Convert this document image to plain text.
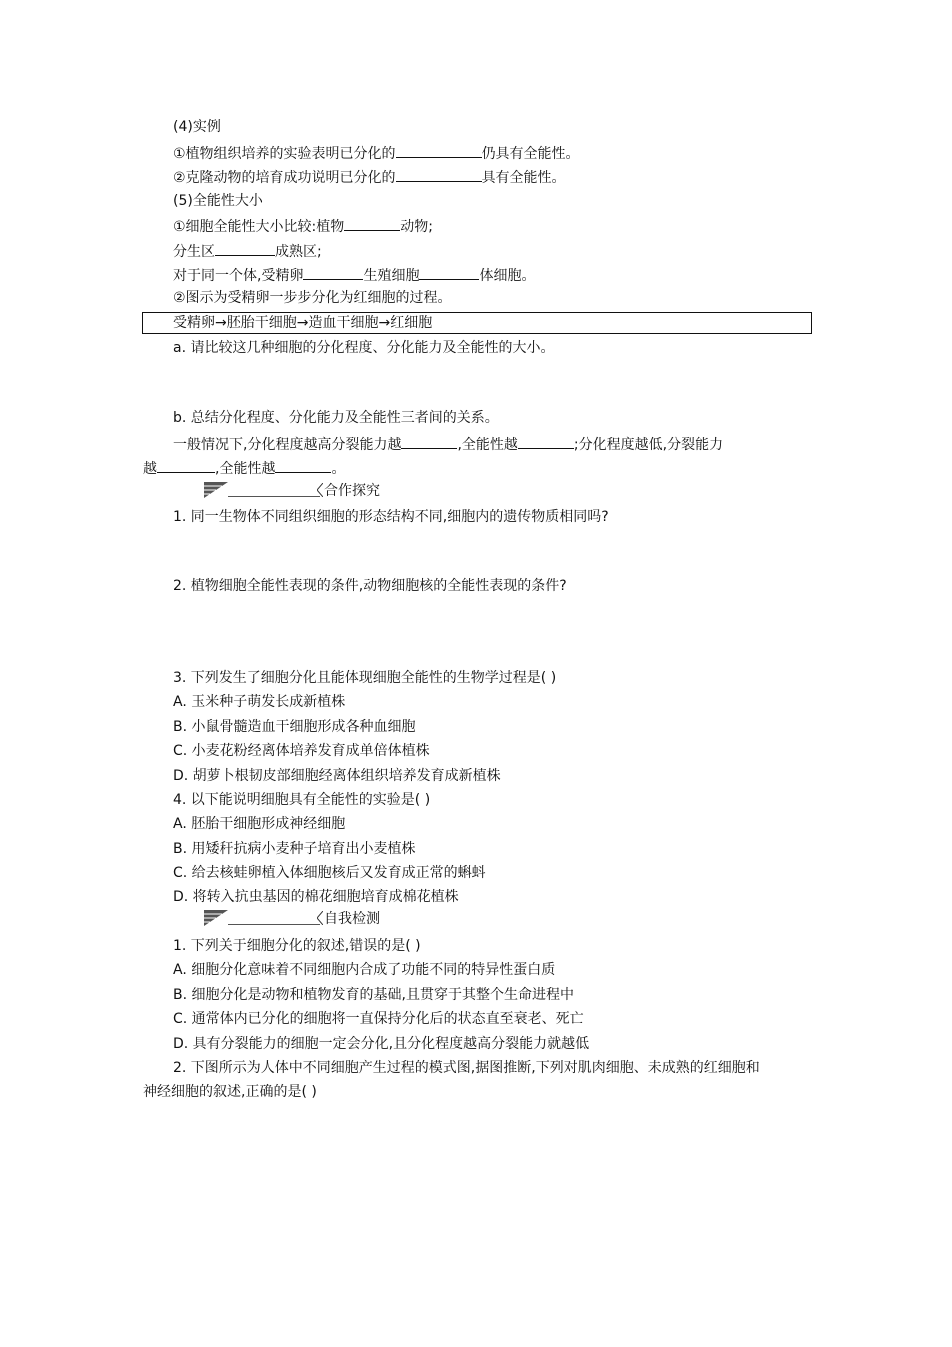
(4)实例
①植物组织培养的实验表明已分化的	仍具有全能性。
②克隆动物的培育成功说明已分化的	具有全能性。
(5)全能性大小
①细胞全能性大小比较:植物	动物;
分生区	成熟区;
对于同一个体,受精卵	生殖细胞	体细胞。
②图示为受精卵一步步分化为红细胞的过程。
受精卵→胚胎干细胞→造血干细胞→红细胞
a. 请比较这几种细胞的分化程度、分化能力及全能性的大小。
b. 总结分化程度、分化能力及全能性三者间的关系。
一般情况下,分化程度越高分裂能力越	,全能性越	;分化程度越低,分裂能力
越	,全能性越	。
合作探究
1. 同一生物体不同组织细胞的形态结构不同,细胞内的遗传物质相同吗?
2. 植物细胞全能性表现的条件,动物细胞核的全能性表现的条件?
3. 下列发生了细胞分化且能体现细胞全能性的生物学过程是( )
A. 玉米种子萌发长成新植株
B. 小鼠骨髓造血干细胞形成各种血细胞
C. 小麦花粉经离体培养发育成单倍体植株
D. 胡萝卜根韧皮部细胞经离体组织培养发育成新植株
4. 以下能说明细胞具有全能性的实验是( )
A. 胚胎干细胞形成神经细胞
B. 用矮秆抗病小麦种子培育出小麦植株
C. 给去核蛙卵植入体细胞核后又发育成正常的蝌蚪
D. 将转入抗虫基因的棉花细胞培育成棉花植株
自我检测
1. 下列关于细胞分化的叙述,错误的是( )
A. 细胞分化意味着不同细胞内合成了功能不同的特异性蛋白质
B. 细胞分化是动物和植物发育的基础,且贯穿于其整个生命进程中
C. 通常体内已分化的细胞将一直保持分化后的状态直至衰老、死亡
D. 具有分裂能力的细胞一定会分化,且分化程度越高分裂能力就越低
2. 下图所示为人体中不同细胞产生过程的模式图,据图推断,下列对肌肉细胞、未成熟的红细胞和
神经细胞的叙述,正确的是( )
